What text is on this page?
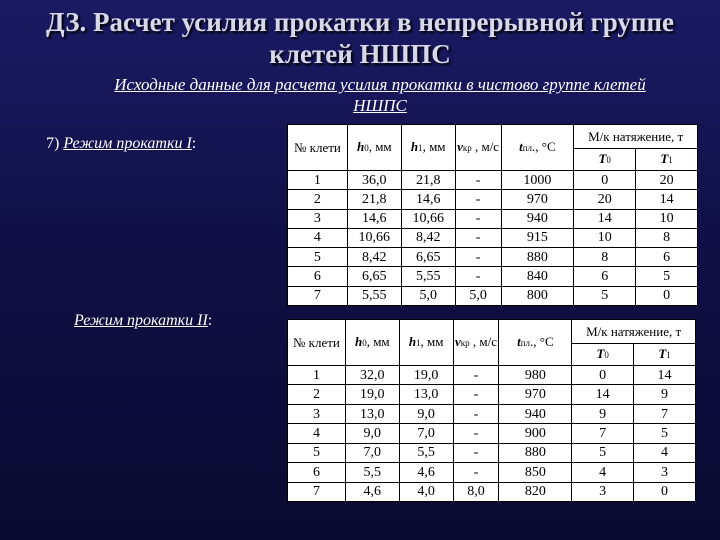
ДЗ. Расчет усилия прокатки в непрерывной группе
клетей НШПС
Исходные данные для расчета усилия прокатки в чистово группе клетей
НШПС
7) Режим прокатки I:
Режим прокатки II:
№ клети	h0, мм	h1, мм	vкр , м/с	tпл., °С	М/к натяжение, т	
					T0	T1
1	36,0	21,8	-	1000	0	20
2	21,8	14,6	-	970	20	14
3	14,6	10,66	-	940	14	10
4	10,66	8,42	-	915	10	8
5	8,42	6,65	-	880	8	6
6	6,65	5,55	-	840	6	5
7	5,55	5,0	5,0	800	5	0
№ клети	h0, мм	h1, мм	vкр , м/с	tпл., °С	М/к натяжение, т	
					T0	T1
1	32,0	19,0	-	980	0	14
2	19,0	13,0	-	970	14	9
3	13,0	9,0	-	940	9	7
4	9,0	7,0	-	900	7	5
5	7,0	5,5	-	880	5	4
6	5,5	4,6	-	850	4	3
7	4,6	4,0	8,0	820	3	0
